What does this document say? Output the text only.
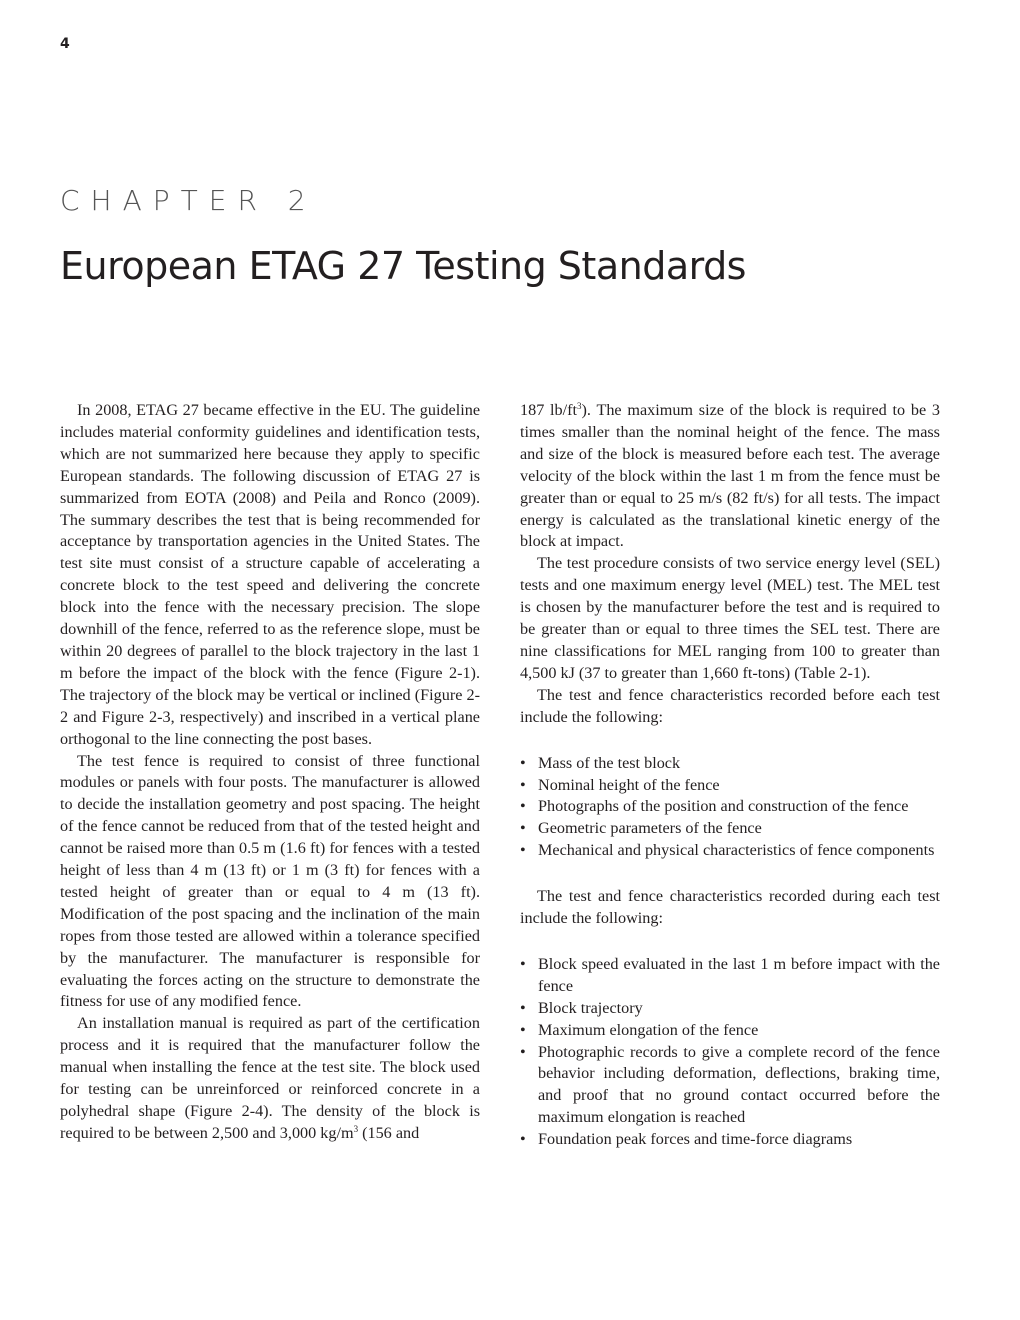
4
CHAPTER 2
European ETAG 27 Testing Standards

In 2008, ETAG 27 became effective in the EU. The guideline includes material conformity guidelines and identification tests, which are not summarized here because they apply to specific European standards. The following discussion of ETAG 27 is summarized from EOTA (2008) and Peila and Ronco (2009). The summary describes the test that is being recommended for acceptance by transportation agencies in the United States. The test site must consist of a structure capable of accelerating a concrete block to the test speed and delivering the concrete block into the fence with the necessary precision. The slope downhill of the fence, referred to as the reference slope, must be within 20 degrees of parallel to the block trajectory in the last 1 m before the impact of the block with the fence (Figure 2-1). The trajectory of the block may be vertical or inclined (Figure 2-2 and Figure 2-3, respectively) and inscribed in a vertical plane orthogonal to the line connecting the post bases.

The test fence is required to consist of three functional modules or panels with four posts. The manufacturer is allowed to decide the installation geometry and post spacing. The height of the fence cannot be reduced from that of the tested height and cannot be raised more than 0.5 m (1.6 ft) for fences with a tested height of less than 4 m (13 ft) or 1 m (3 ft) for fences with a tested height of greater than or equal to 4 m (13 ft). Modification of the post spacing and the inclination of the main ropes from those tested are allowed within a tolerance specified by the manufacturer. The manufacturer is responsible for evaluating the forces acting on the structure to demonstrate the fitness for use of any modified fence.

An installation manual is required as part of the certification process and it is required that the manufacturer follow the manual when installing the fence at the test site. The block used for testing can be unreinforced or reinforced concrete in a polyhedral shape (Figure 2-4). The density of the block is required to be between 2,500 and 3,000 $kg/m^3$ (156 and

187 $lb/ft^3$). The maximum size of the block is required to be 3 times smaller than the nominal height of the fence. The mass and size of the block is measured before each test. The average velocity of the block within the last 1 m from the fence must be greater than or equal to 25 m/s (82 ft/s) for all tests. The impact energy is calculated as the translational kinetic energy of the block at impact.

The test procedure consists of two service energy level (SEL) tests and one maximum energy level (MEL) test. The MEL test is chosen by the manufacturer before the test and is required to be greater than or equal to three times the SEL test. There are nine classifications for MEL ranging from 100 to greater than 4,500 kJ (37 to greater than 1,660 ft-tons) (Table 2-1).

The test and fence characteristics recorded before each test include the following:

• Mass of the test block
• Nominal height of the fence
• Photographs of the position and construction of the fence
• Geometric parameters of the fence
• Mechanical and physical characteristics of fence components

The test and fence characteristics recorded during each test include the following:

• Block speed evaluated in the last 1 m before impact with the fence
• Block trajectory
• Maximum elongation of the fence
• Photographic records to give a complete record of the fence behavior including deformation, deflections, braking time, and proof that no ground contact occurred before the maximum elongation is reached
• Foundation peak forces and time-force diagrams
